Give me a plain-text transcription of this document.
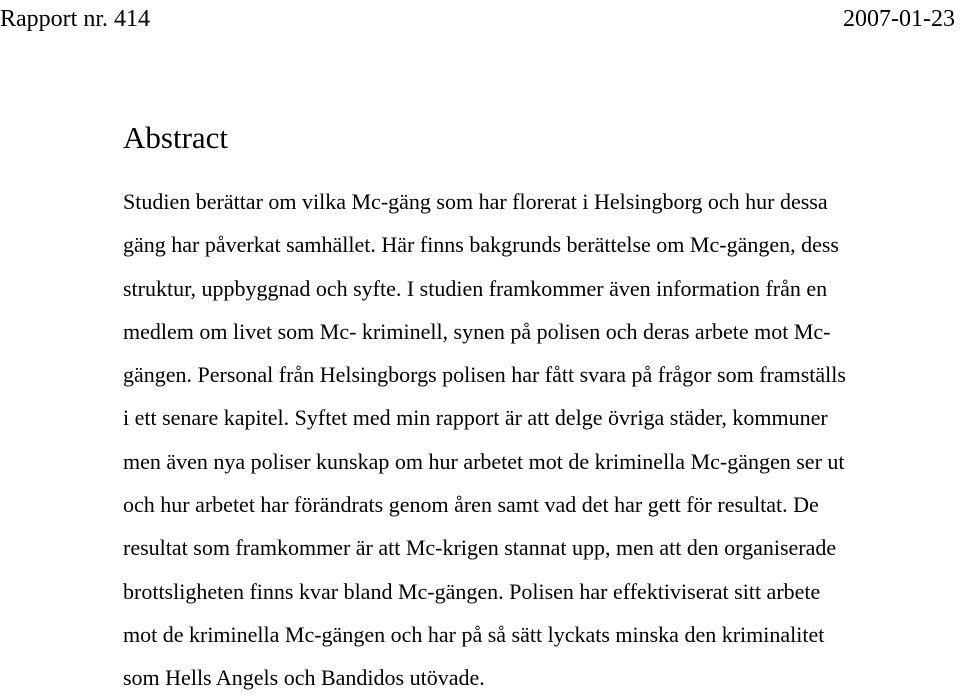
Rapport nr. 414	2007-01-23
Abstract

Studien berättar om vilka Mc-gäng som har florerat i Helsingborg och hur dessa
gäng har påverkat samhället. Här finns bakgrunds berättelse om Mc-gängen, dess
struktur, uppbyggnad och syfte. I studien framkommer även information från en
medlem om livet som Mc- kriminell, synen på polisen och deras arbete mot Mc-
gängen. Personal från Helsingborgs polisen har fått svara på frågor som framställs
i ett senare kapitel. Syftet med min rapport är att delge övriga städer, kommuner
men även nya poliser kunskap om hur arbetet mot de kriminella Mc-gängen ser ut
och hur arbetet har förändrats genom åren samt vad det har gett för resultat. De
resultat som framkommer är att Mc-krigen stannat upp, men att den organiserade
brottsligheten finns kvar bland Mc-gängen. Polisen har effektiviserat sitt arbete
mot de kriminella Mc-gängen och har på så sätt lyckats minska den kriminalitet
som Hells Angels och Bandidos utövade.
